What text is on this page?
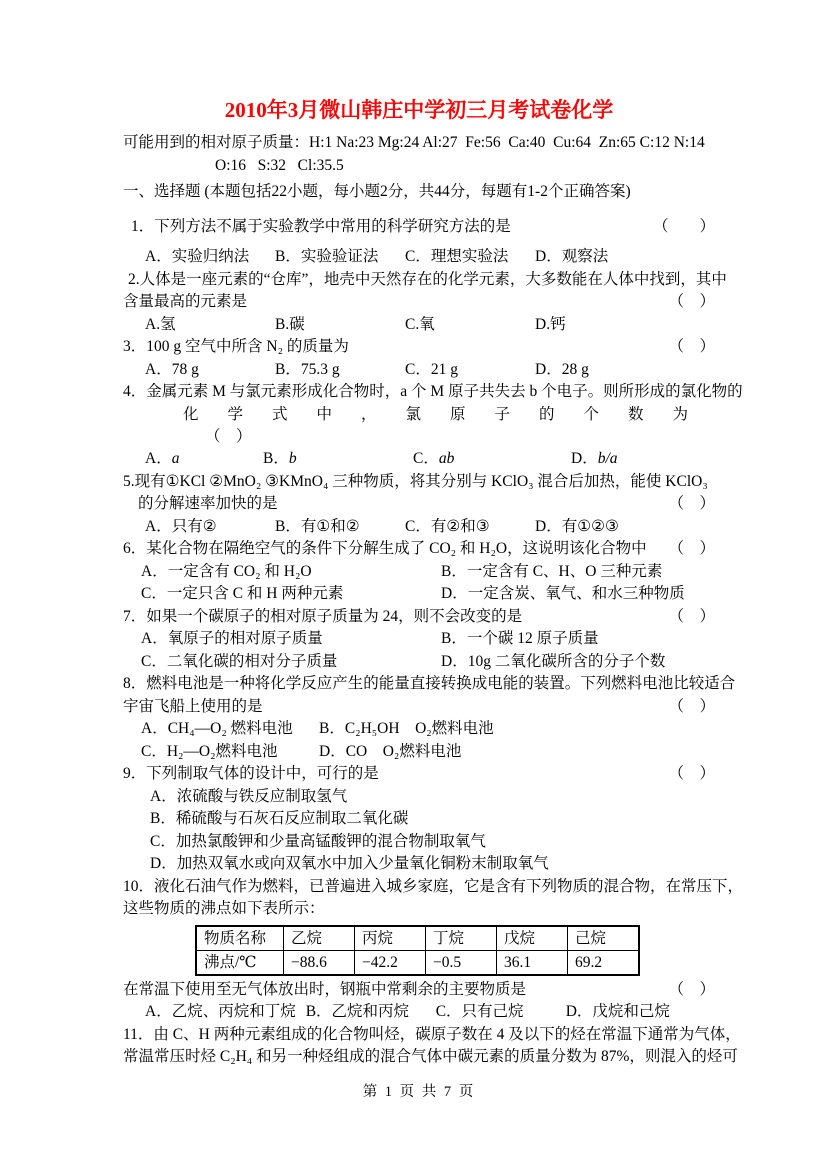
2010年3月微山韩庄中学初三月考试卷化学
可能用到的相对原子质量：H:1 Na:23 Mg:24 Al:27  Fe:56  Ca:40  Cu:64  Zn:65 C:12 N:14
O:16   S:32   Cl:35.5
一、选择题 (本题包括22小题，每小题2分，共44分，每题有1-2个正确答案)
1．下列方法不属于实验教学中常用的科学研究方法的是	（　　）
A．实验归纳法	B．实验验证法	C．理想实验法	D．观察法
2.人体是一座元素的“仓库”，地壳中天然存在的化学元素，大多数能在人体中找到，其中
含量最高的元素是	（　）
A.氢	B.碳	C.氧	D.钙
3．100 g 空气中所含 N₂ 的质量为	（　）
A．78 g	B．75.3 g	C．21 g	D．28 g
4．金属元素 M 与氯元素形成化合物时，a 个 M 原子共失去 b 个电子。则所形成的氯化物的
化学式中，氯原子的个数为
（　）
A．a	B．b	C．ab	D．b/a
5.现有①KCl ②MnO₂ ③KMnO₄ 三种物质，将其分别与 KClO₃ 混合后加热，能使 KClO₃
的分解速率加快的是	（　）
A．只有②	B．有①和②	C．有②和③	D．有①②③
6．某化合物在隔绝空气的条件下分解生成了 CO₂ 和 H₂O，这说明该化合物中 （　）
A．一定含有 CO₂ 和 H₂O	B．一定含有 C、H、O 三种元素
C．一定只含 C 和 H 两种元素	D．一定含炭、氧气、和水三种物质
7．如果一个碳原子的相对原子质量为 24，则不会改变的是	（　）
A．氧原子的相对原子质量	B．一个碳 12 原子质量
C．二氧化碳的相对分子质量	D．10g 二氧化碳所含的分子个数
8．燃料电池是一种将化学反应产生的能量直接转换成电能的装置。下列燃料电池比较适合
宇宙飞船上使用的是	（　）
A．CH₄—O₂ 燃料电池	B．C₂H₅OH　O₂燃料电池
C．H₂—O₂燃料电池	D．CO　O₂燃料电池
9．下列制取气体的设计中，可行的是	（　）
A．浓硫酸与铁反应制取氢气
B．稀硫酸与石灰石反应制取二氧化碳
C．加热氯酸钾和少量高锰酸钾的混合物制取氧气
D．加热双氧水或向双氧水中加入少量氧化铜粉末制取氧气
10．液化石油气作为燃料，已普遍进入城乡家庭，它是含有下列物质的混合物，在常压下，
这些物质的沸点如下表所示：
物质名称	乙烷	丙烷	丁烷	戊烷	己烷
沸点/℃	−88.6	−42.2	−0.5	36.1	69.2
在常温下使用至无气体放出时，钢瓶中常剩余的主要物质是	（　）
A．乙烷、丙烷和丁烷 B．乙烷和丙烷	C．只有己烷	D．戊烷和己烷
11．由 C、H 两种元素组成的化合物叫烃，碳原子数在 4 及以下的烃在常温下通常为气体，
常温常压时烃 C₂H₄ 和另一种烃组成的混合气体中碳元素的质量分数为 87%，则混入的烃可
第 1 页 共 7 页
